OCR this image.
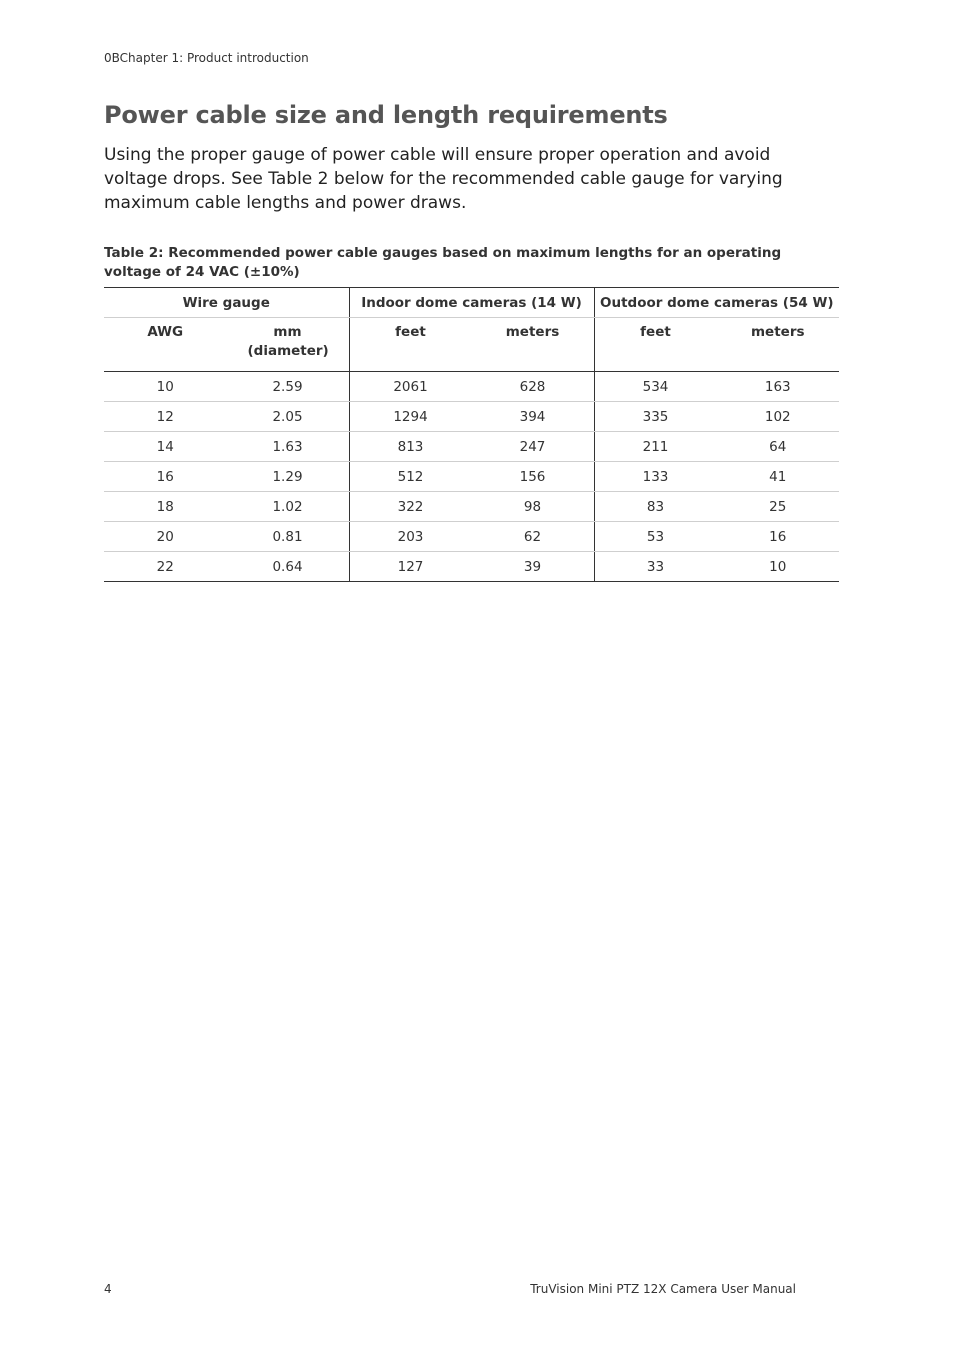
0BChapter 1: Product introduction
Power cable size and length requirements

Using the proper gauge of power cable will ensure proper operation and avoid voltage drops. See Table 2 below for the recommended cable gauge for varying maximum cable lengths and power draws.

Table 2: Recommended power cable gauges based on maximum lengths for an operating voltage of 24 VAC (±10%)

Wire gauge		Indoor dome cameras (14 W)		Outdoor dome cameras (54 W)	
AWG	mm (diameter)	feet	meters	feet	meters
10	2.59	2061	628	534	163
12	2.05	1294	394	335	102
14	1.63	813	247	211	64
16	1.29	512	156	133	41
18	1.02	322	98	83	25
20	0.81	203	62	53	16
22	0.64	127	39	33	10
4	TruVision Mini PTZ 12X Camera User Manual
